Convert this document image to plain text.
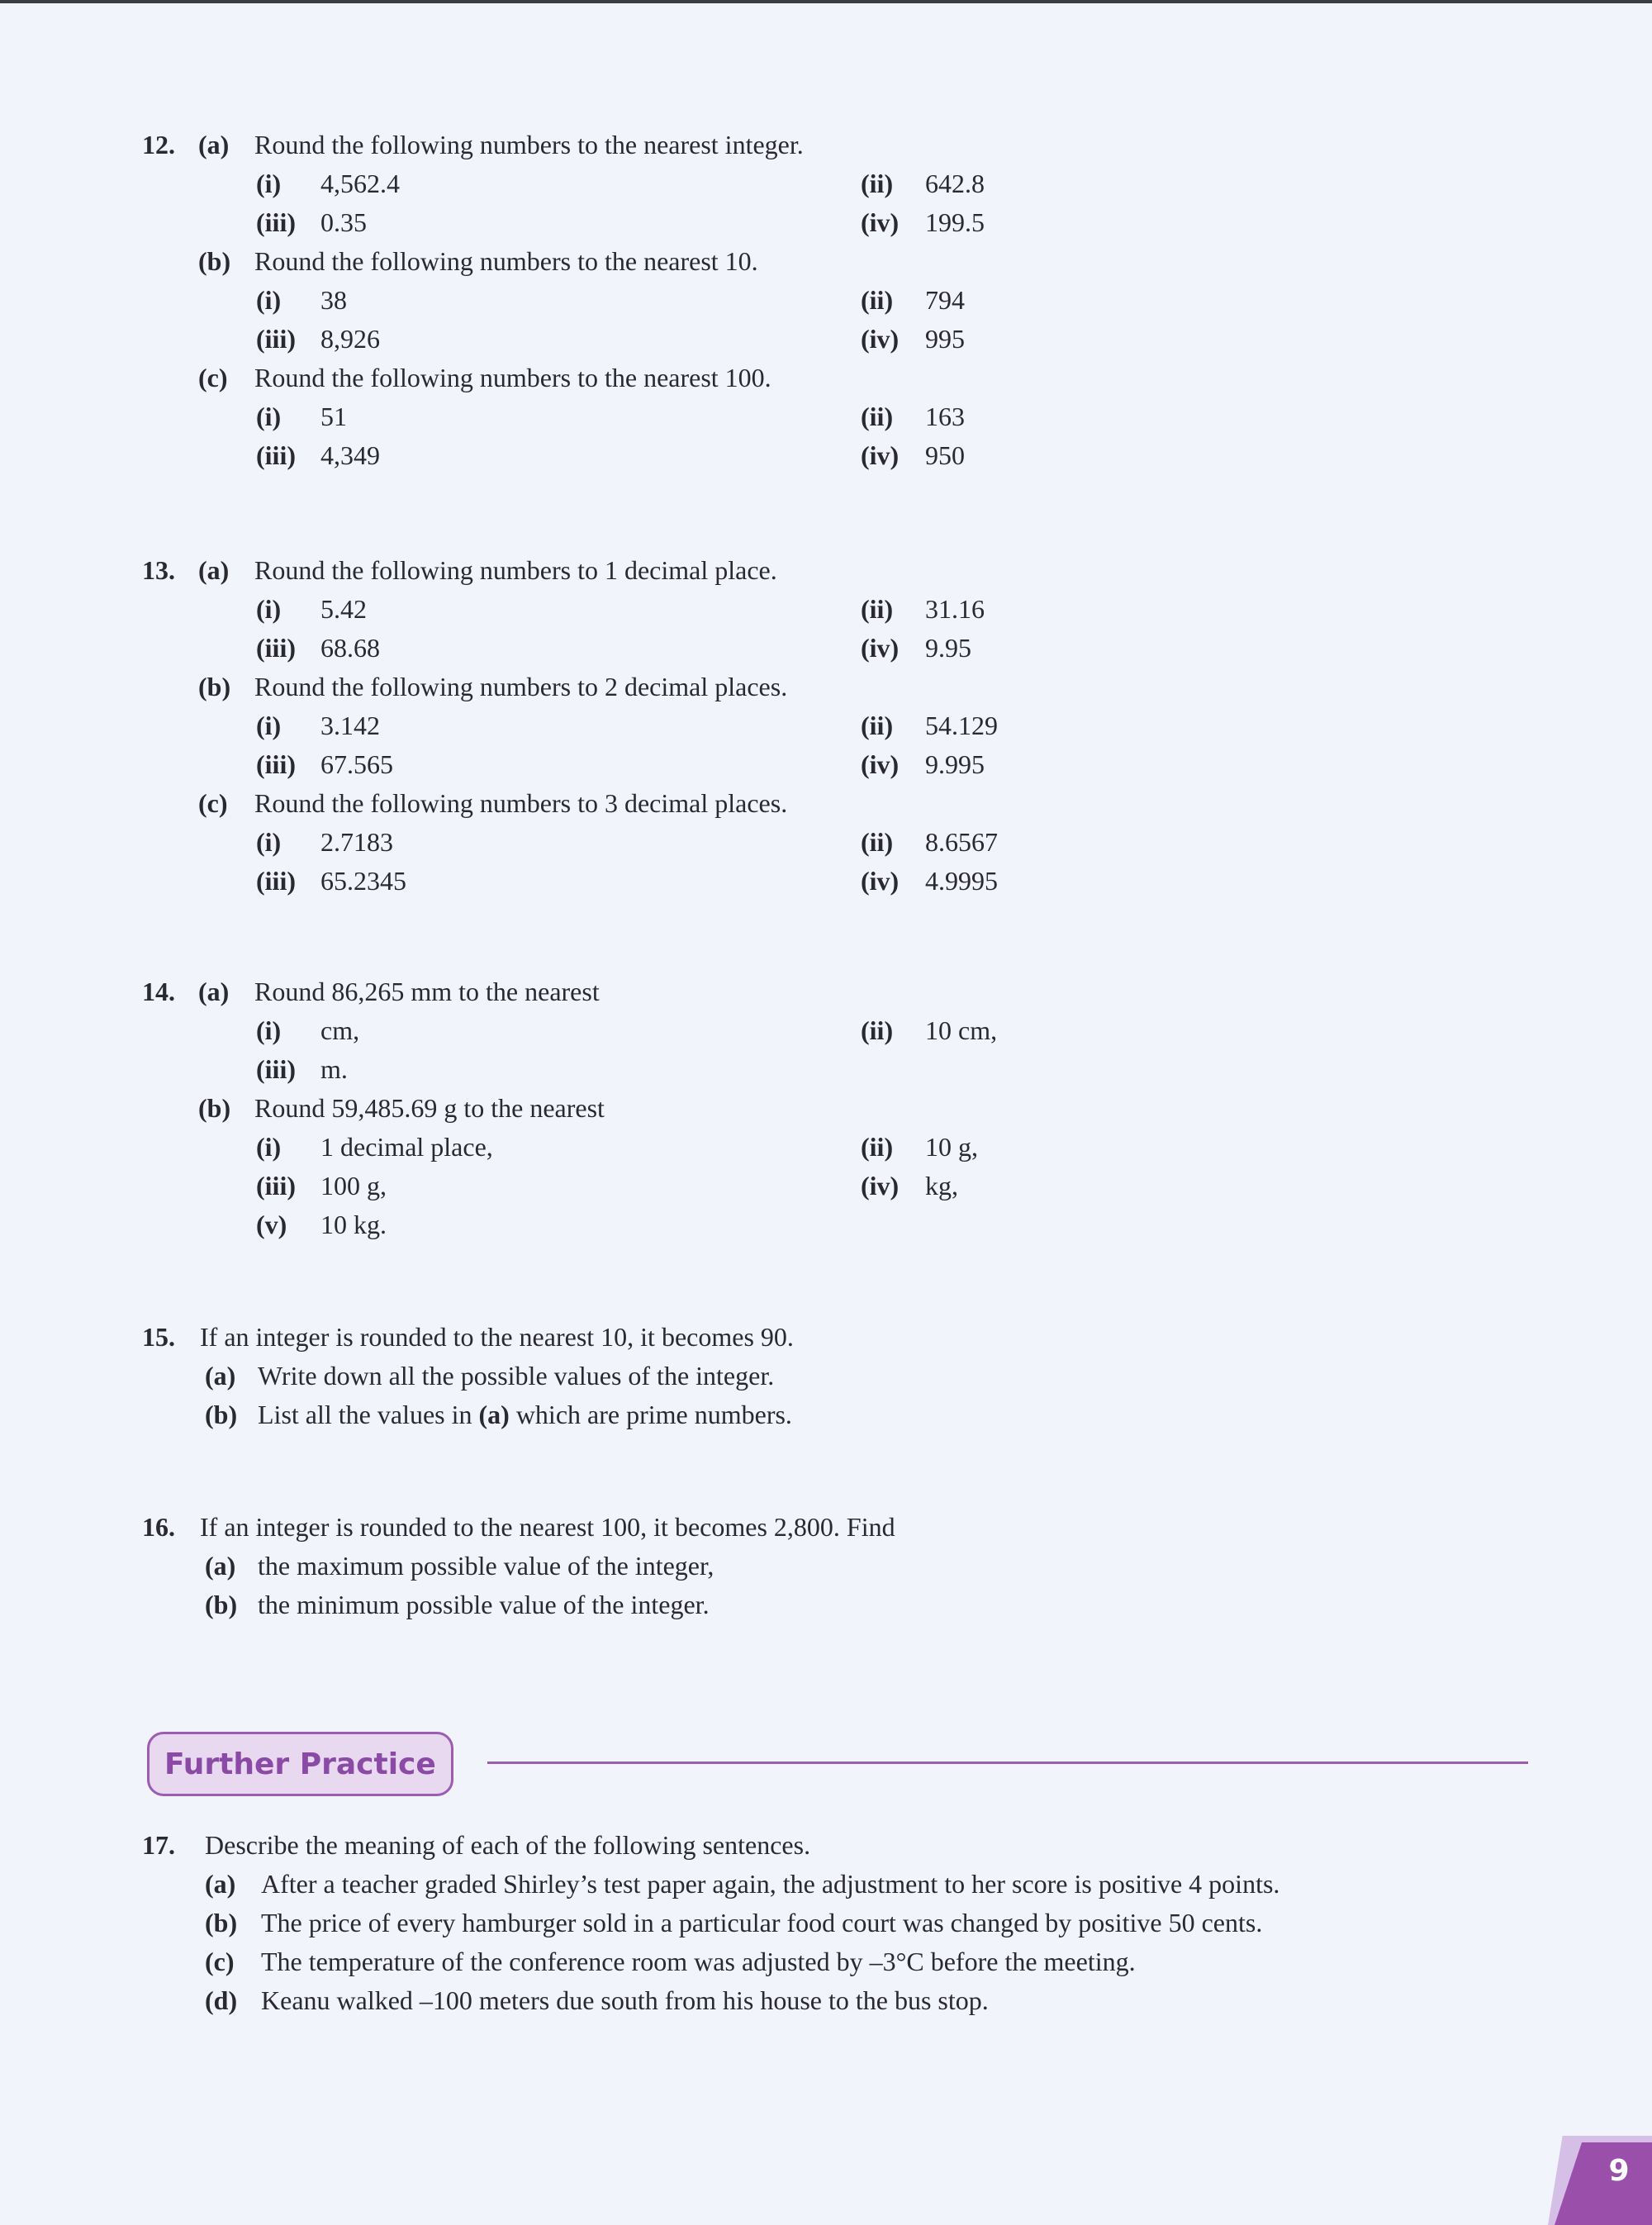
12. (a) Round the following numbers to the nearest integer.
(i) 4,562.4	(ii) 642.8
(iii) 0.35	(iv) 199.5
(b) Round the following numbers to the nearest 10.
(i) 38	(ii) 794
(iii) 8,926	(iv) 995
(c) Round the following numbers to the nearest 100.
(i) 51	(ii) 163
(iii) 4,349	(iv) 950
13. (a) Round the following numbers to 1 decimal place.
(i) 5.42	(ii) 31.16
(iii) 68.68	(iv) 9.95
(b) Round the following numbers to 2 decimal places.
(i) 3.142	(ii) 54.129
(iii) 67.565	(iv) 9.995
(c) Round the following numbers to 3 decimal places.
(i) 2.7183	(ii) 8.6567
(iii) 65.2345	(iv) 4.9995
14. (a) Round 86,265 mm to the nearest
(i) cm,	(ii) 10 cm,
(iii) m.
(b) Round 59,485.69 g to the nearest
(i) 1 decimal place,	(ii) 10 g,
(iii) 100 g,	(iv) kg,
(v) 10 kg.
15. If an integer is rounded to the nearest 10, it becomes 90.
(a) Write down all the possible values of the integer.
(b) List all the values in (a) which are prime numbers.
16. If an integer is rounded to the nearest 100, it becomes 2,800. Find
(a) the maximum possible value of the integer,
(b) the minimum possible value of the integer.
Further Practice
17. Describe the meaning of each of the following sentences.
(a) After a teacher graded Shirley’s test paper again, the adjustment to her score is positive 4 points.
(b) The price of every hamburger sold in a particular food court was changed by positive 50 cents.
(c) The temperature of the conference room was adjusted by –3°C before the meeting.
(d) Keanu walked –100 meters due south from his house to the bus stop.
9
